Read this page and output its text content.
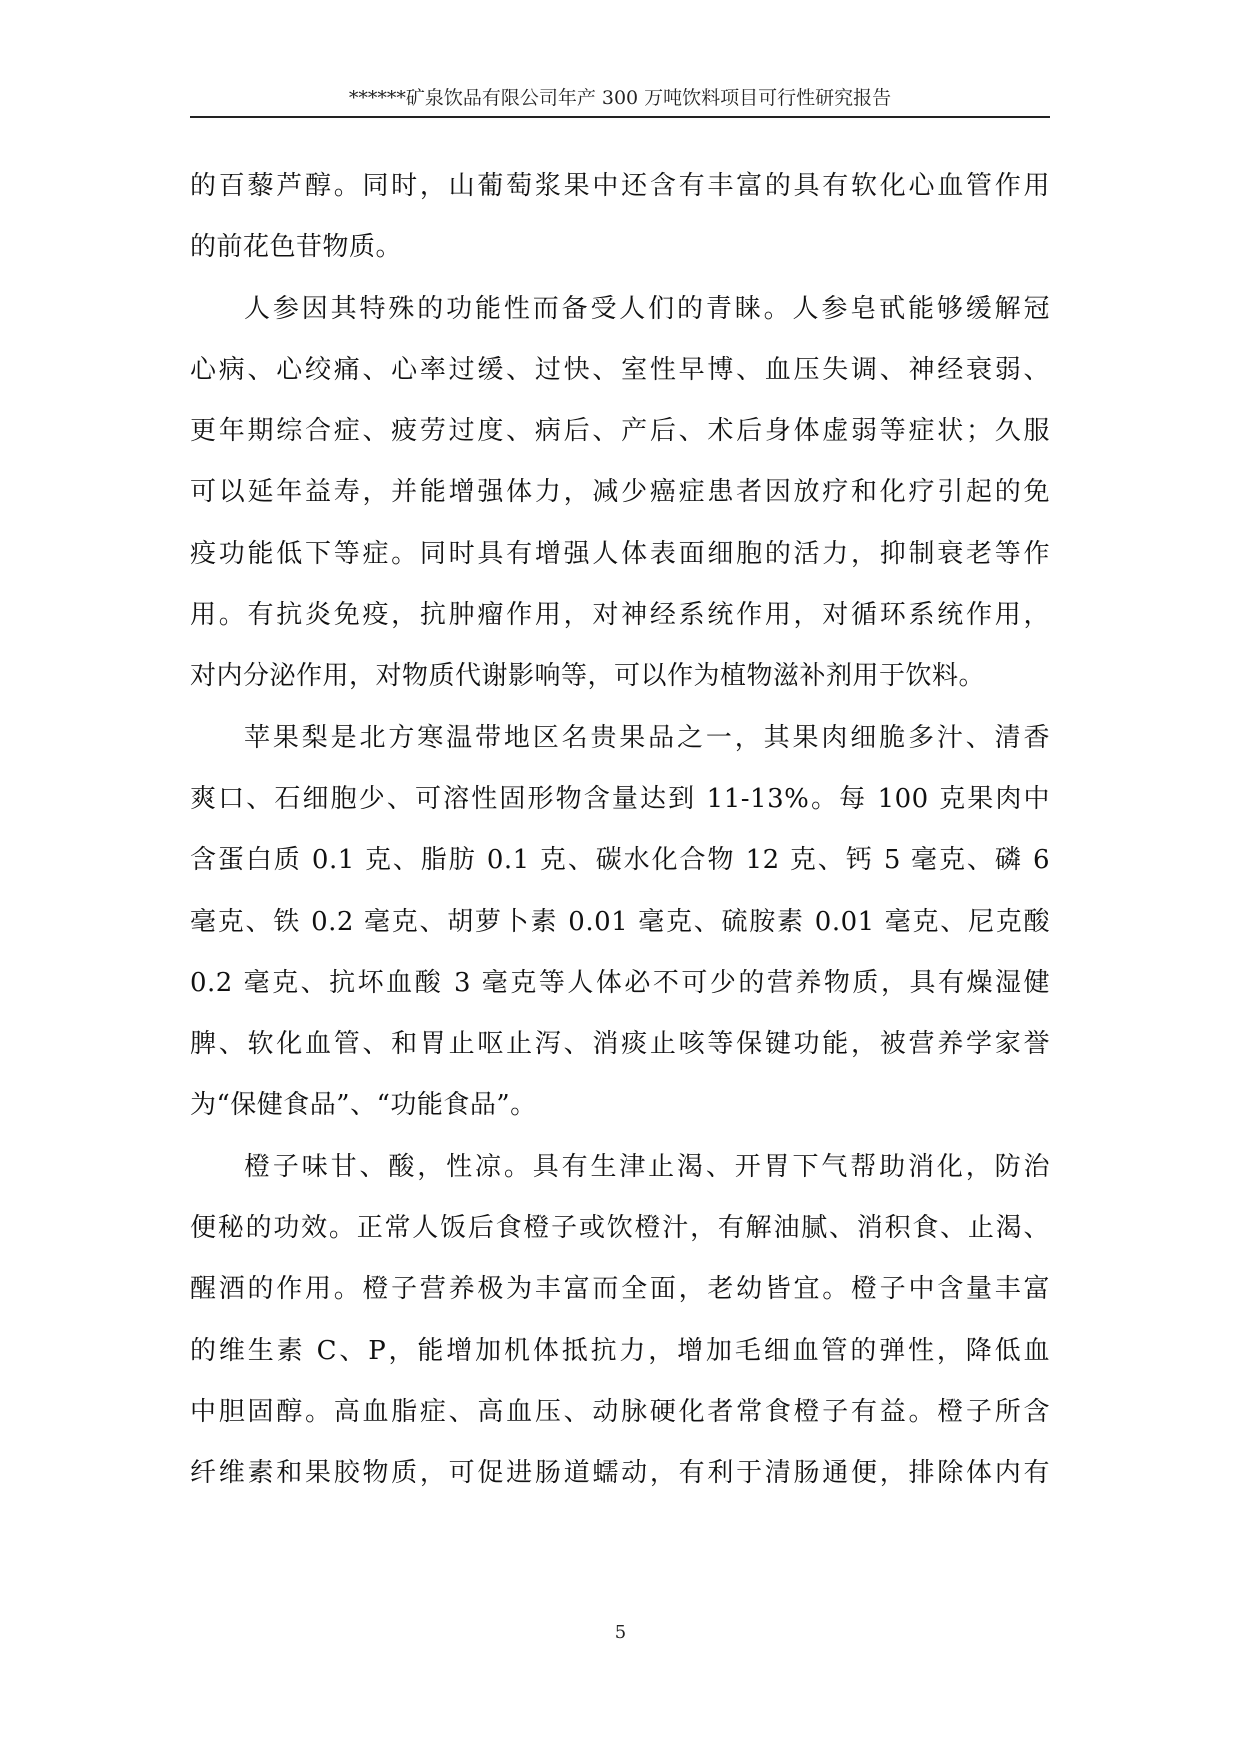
******矿泉饮品有限公司年产 300 万吨饮料项目可行性研究报告
的百藜芦醇。同时，山葡萄浆果中还含有丰富的具有软化心血管作用
的前花色苷物质。
人参因其特殊的功能性而备受人们的青睐。人参皂甙能够缓解冠
心病、心绞痛、心率过缓、过快、室性早博、血压失调、神经衰弱、
更年期综合症、疲劳过度、病后、产后、术后身体虚弱等症状；久服
可以延年益寿，并能增强体力，减少癌症患者因放疗和化疗引起的免
疫功能低下等症。同时具有增强人体表面细胞的活力，抑制衰老等作
用。有抗炎免疫，抗肿瘤作用，对神经系统作用，对循环系统作用，
对内分泌作用，对物质代谢影响等，可以作为植物滋补剂用于饮料。
苹果梨是北方寒温带地区名贵果品之一，其果肉细脆多汁、清香
爽口、石细胞少、可溶性固形物含量达到 11-13%。每 100 克果肉中
含蛋白质 0.1 克、脂肪 0.1 克、碳水化合物 12 克、钙 5 毫克、磷 6
毫克、铁 0.2 毫克、胡萝卜素 0.01 毫克、硫胺素 0.01 毫克、尼克酸
0.2 毫克、抗坏血酸 3 毫克等人体必不可少的营养物质，具有燥湿健
脾、软化血管、和胃止呕止泻、消痰止咳等保键功能，被营养学家誉
为“保健食品”、“功能食品”。
橙子味甘、酸，性凉。具有生津止渴、开胃下气帮助消化，防治
便秘的功效。正常人饭后食橙子或饮橙汁，有解油腻、消积食、止渴、
醒酒的作用。橙子营养极为丰富而全面，老幼皆宜。橙子中含量丰富
的维生素 C、P，能增加机体抵抗力，增加毛细血管的弹性，降低血
中胆固醇。高血脂症、高血压、动脉硬化者常食橙子有益。橙子所含
纤维素和果胶物质，可促进肠道蠕动，有利于清肠通便，排除体内有
5
